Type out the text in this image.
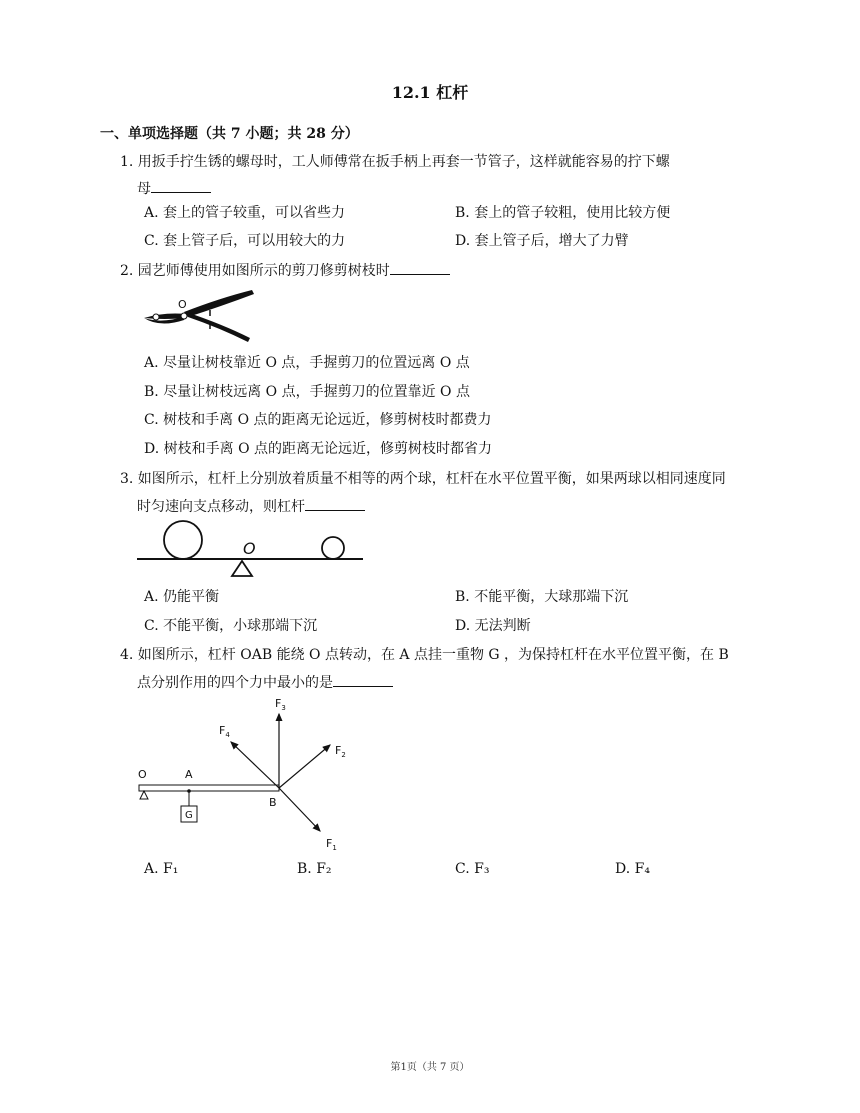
12.1 杠杆
一、单项选择题（共 7 小题；共 28 分）
1. 用扳手拧生锈的螺母时，工人师傅常在扳手柄上再套一节管子，这样就能容易的拧下螺
母
A. 套上的管子较重，可以省些力	B. 套上的管子较粗，使用比较方便
C. 套上管子后，可以用较大的力	D. 套上管子后，增大了力臂
2. 园艺师傅使用如图所示的剪刀修剪树枝时
O
A. 尽量让树枝靠近 O 点，手握剪刀的位置远离 O 点
B. 尽量让树枝远离 O 点，手握剪刀的位置靠近 O 点
C. 树枝和手离 O 点的距离无论远近，修剪树枝时都费力
D. 树枝和手离 O 点的距离无论远近，修剪树枝时都省力
3. 如图所示，杠杆上分别放着质量不相等的两个球，杠杆在水平位置平衡，如果两球以相同速度同
时匀速向支点移动，则杠杆
O
A. 仍能平衡	B. 不能平衡，大球那端下沉
C. 不能平衡，小球那端下沉	D. 无法判断
4. 如图所示，杠杆 OAB 能绕 O 点转动，在 A 点挂一重物 G ，为保持杠杆在水平位置平衡，在 B
点分别作用的四个力中最小的是
G
O	A
B
$F_3$
$F_2$
$F_4$
$F_1$
A. F₁	B. F₂	C. F₃	D. F₄
第1页（共 7 页）
